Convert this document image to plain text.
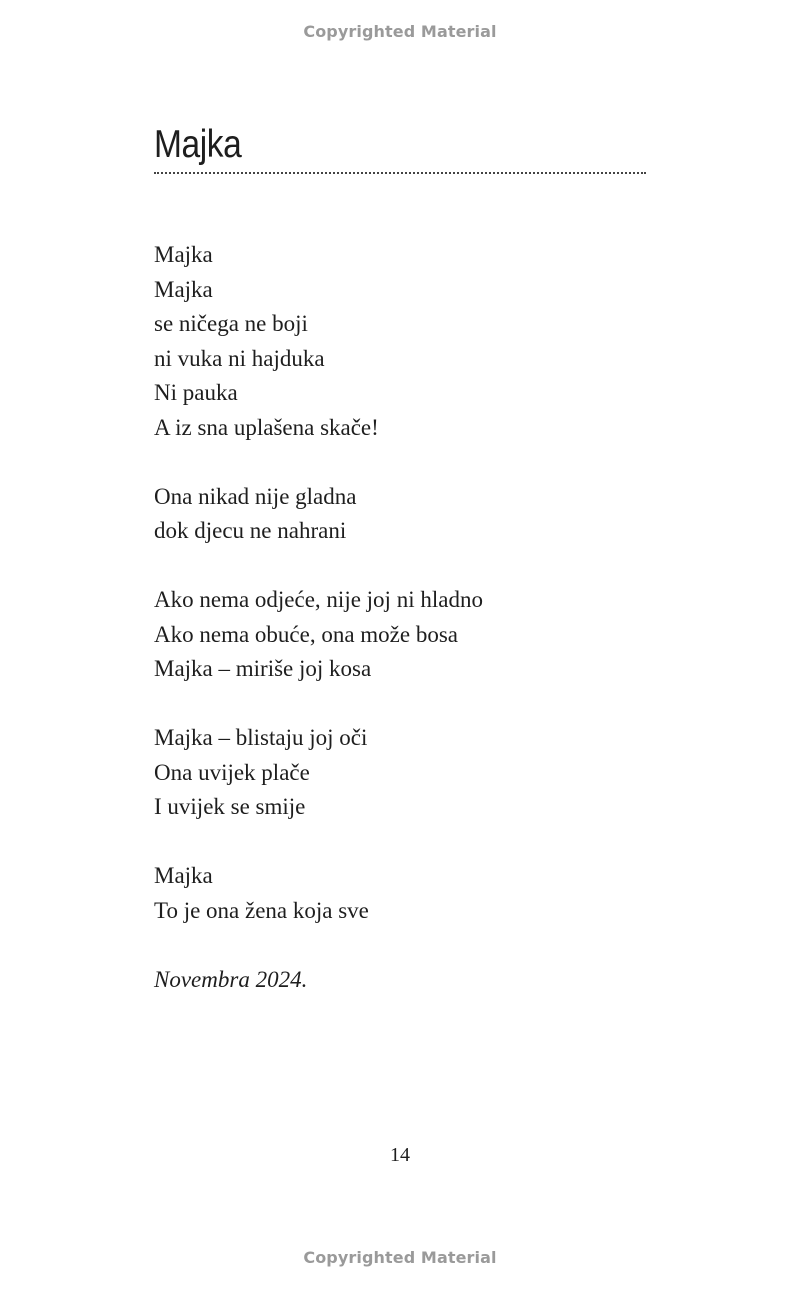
Copyrighted Material
Majka
Majka
Majka
se ničega ne boji
ni vuka ni hajduka
Ni pauka
A iz sna uplašena skače!
Ona nikad nije gladna
dok djecu ne nahrani
Ako nema odjeće, nije joj ni hladno
Ako nema obuće, ona može bosa
Majka – miriše joj kosa
Majka – blistaju joj oči
Ona uvijek plače
I uvijek se smije
Majka
To je ona žena koja sve
Novembra 2024.
14
Copyrighted Material
